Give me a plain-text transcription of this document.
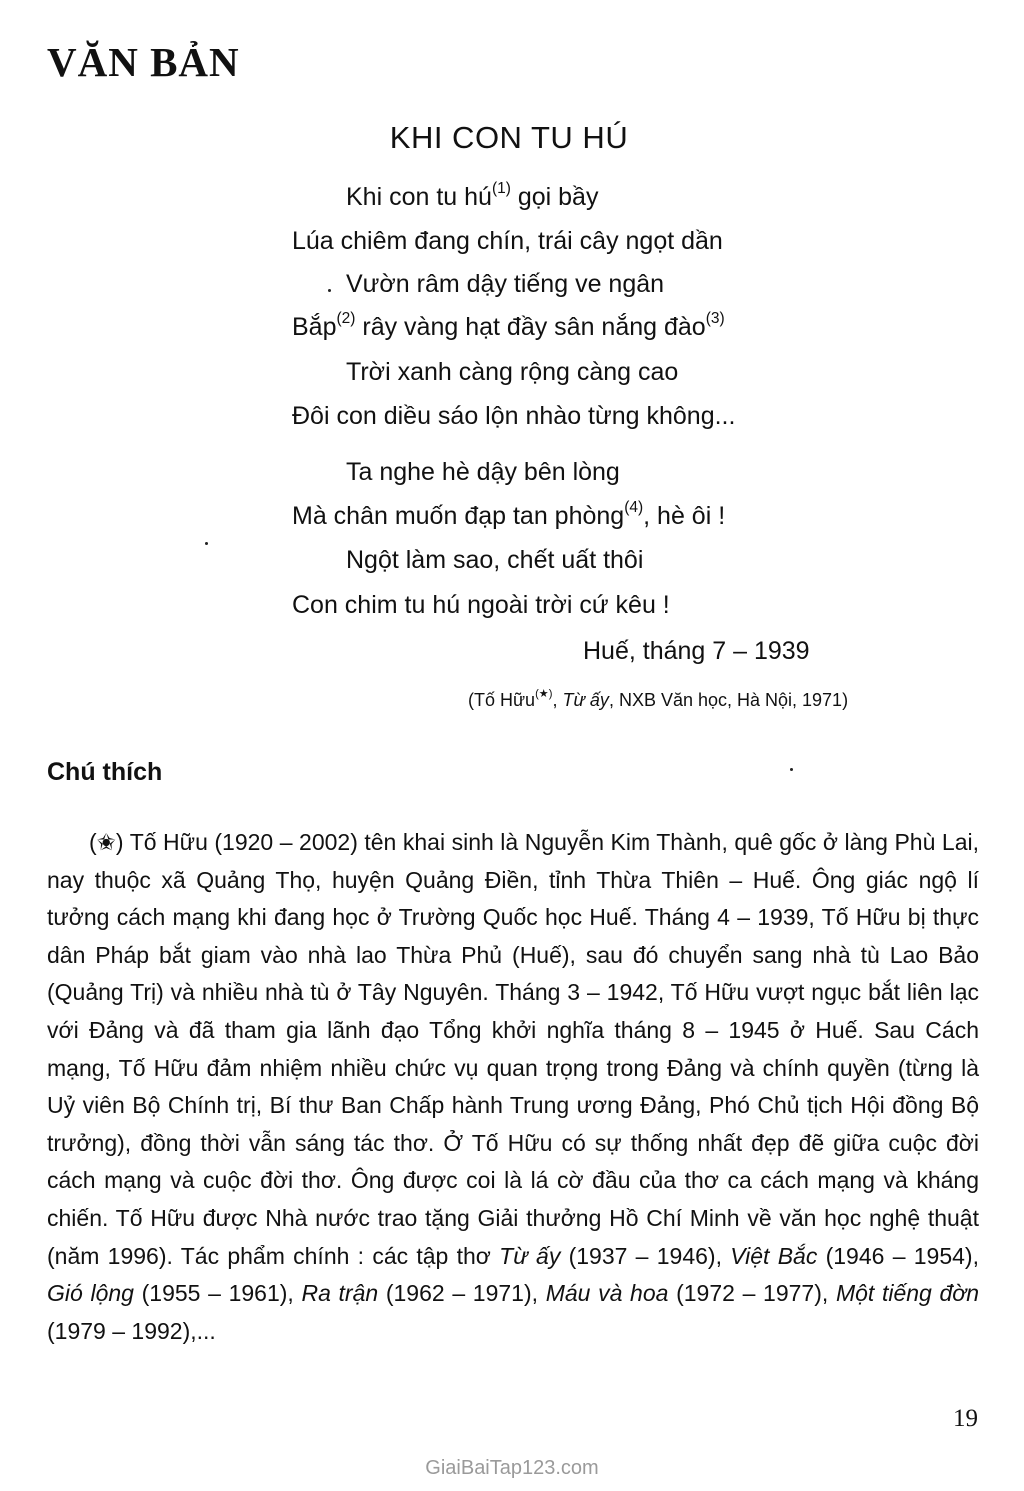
VĂN BẢN
KHI CON TU HÚ
Khi con tu $hú^{(1)}$ gọi bầy
Lúa chiêm đang chín, trái cây ngọt dần
Vườn râm dậy tiếng ve ngân
Bắp$^{(2)}$ rây vàng hạt đầy sân nắng đào$^{(3)}$
Trời xanh càng rộng càng cao
Đôi con diều sáo lộn nhào từng không...
Ta nghe hè dậy bên lòng
Mà chân muốn đạp tan phòng$^{(4)}$, hè ôi !
Ngột làm sao, chết uất thôi
Con chim tu hú ngoài trời cứ kêu !
Huế, tháng 7 – 1939
(Tố Hữu(★), Từ ấy, NXB Văn học, Hà Nội, 1971)
Chú thích

(✬) Tố Hữu (1920 – 2002) tên khai sinh là Nguyễn Kim Thành, quê gốc ở làng Phù Lai, nay thuộc xã Quảng Thọ, huyện Quảng Điền, tỉnh Thừa Thiên – Huế. Ông giác ngộ lí tưởng cách mạng khi đang học ở Trường Quốc học Huế. Tháng 4 – 1939, Tố Hữu bị thực dân Pháp bắt giam vào nhà lao Thừa Phủ (Huế), sau đó chuyển sang nhà tù Lao Bảo (Quảng Trị) và nhiều nhà tù ở Tây Nguyên. Tháng 3 – 1942, Tố Hữu vượt ngục bắt liên lạc với Đảng và đã tham gia lãnh đạo Tổng khởi nghĩa tháng 8 – 1945 ở Huế. Sau Cách mạng, Tố Hữu đảm nhiệm nhiều chức vụ quan trọng trong Đảng và chính quyền (từng là Uỷ viên Bộ Chính trị, Bí thư Ban Chấp hành Trung ương Đảng, Phó Chủ tịch Hội đồng Bộ trưởng), đồng thời vẫn sáng tác thơ. Ở Tố Hữu có sự thống nhất đẹp đẽ giữa cuộc đời cách mạng và cuộc đời thơ. Ông được coi là lá cờ đầu của thơ ca cách mạng và kháng chiến. Tố Hữu được Nhà nước trao tặng Giải thưởng Hồ Chí Minh về văn học nghệ thuật (năm 1996). Tác phẩm chính : các tập thơ Từ ấy (1937 – 1946), Việt Bắc (1946 – 1954), Gió lộng (1955 – 1961), Ra trận (1962 – 1971), Máu và hoa (1972 – 1977), Một tiếng đờn (1979 – 1992),...

19
GiaiBaiTap123.com
